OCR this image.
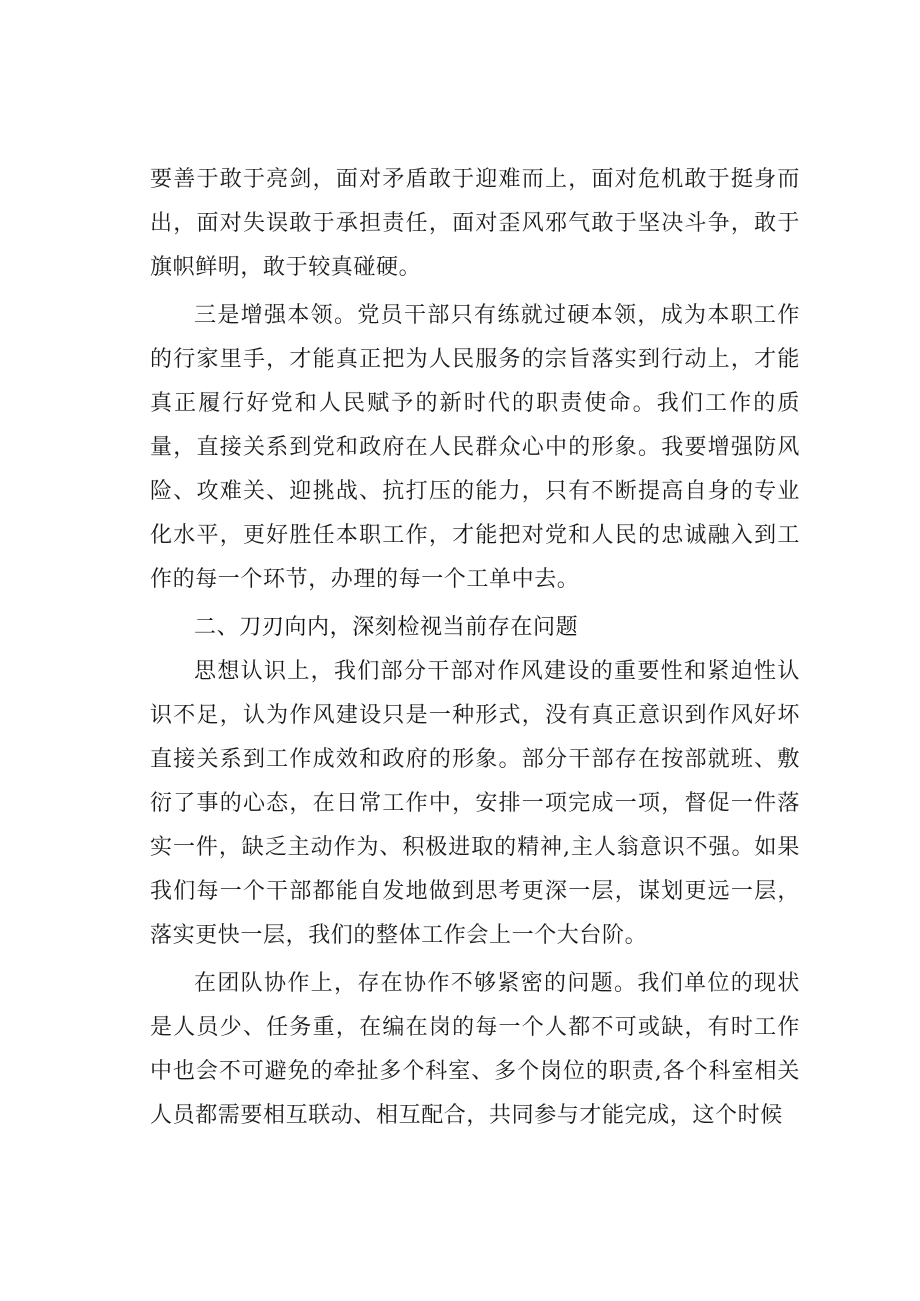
要善于敢于亮剑，面对矛盾敢于迎难而上，面对危机敢于挺身而出，面对失误敢于承担责任，面对歪风邪气敢于坚决斗争，敢于旗帜鲜明，敢于较真碰硬。

三是增强本领。党员干部只有练就过硬本领，成为本职工作的行家里手，才能真正把为人民服务的宗旨落实到行动上，才能真正履行好党和人民赋予的新时代的职责使命。我们工作的质量，直接关系到党和政府在人民群众心中的形象。我要增强防风险、攻难关、迎挑战、抗打压的能力，只有不断提高自身的专业化水平，更好胜任本职工作，才能把对党和人民的忠诚融入到工作的每一个环节，办理的每一个工单中去。

二、刀刃向内，深刻检视当前存在问题

思想认识上，我们部分干部对作风建设的重要性和紧迫性认识不足，认为作风建设只是一种形式，没有真正意识到作风好坏直接关系到工作成效和政府的形象。部分干部存在按部就班、敷衍了事的心态，在日常工作中，安排一项完成一项，督促一件落实一件，缺乏主动作为、积极进取的精神,主人翁意识不强。如果我们每一个干部都能自发地做到思考更深一层，谋划更远一层，落实更快一层，我们的整体工作会上一个大台阶。

在团队协作上，存在协作不够紧密的问题。我们单位的现状是人员少、任务重，在编在岗的每一个人都不可或缺，有时工作中也会不可避免的牵扯多个科室、多个岗位的职责,各个科室相关人员都需要相互联动、相互配合，共同参与才能完成，这个时候
